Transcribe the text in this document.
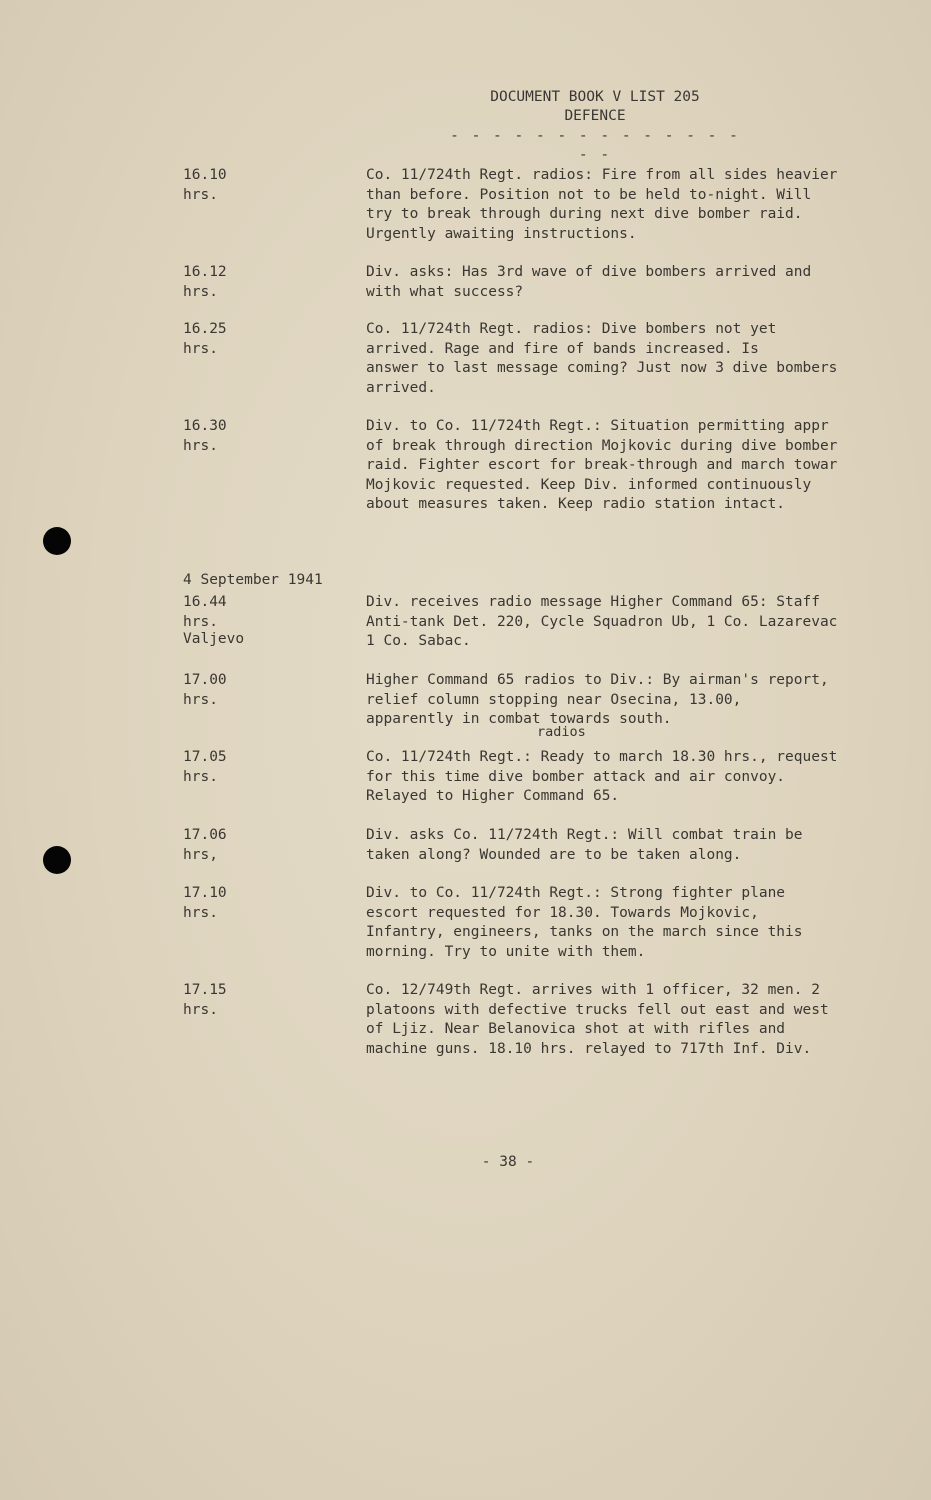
DOCUMENT BOOK V LIST 205
DEFENCE
- - - - - - - - - - - - - - - -
16.10 hrs.
Co. 11/724th Regt. radios: Fire from all sides heavier
than before. Position not to be held to-night. Will
try to break through during next dive bomber raid.
Urgently awaiting instructions.
16.12 hrs.
Div. asks: Has 3rd wave of dive bombers arrived and
with what success?
16.25 hrs.
Co. 11/724th Regt. radios: Dive bombers not yet
arrived. Rage and fire of bands increased. Is
answer to last message coming? Just now 3 dive bombers
arrived.
16.30 hrs.
Div. to Co. 11/724th Regt.: Situation permitting appr
of break through direction Mojkovic during dive bomber
raid. Fighter escort for break-through and march towar
Mojkovic requested. Keep Div. informed continuously
about measures taken. Keep radio station intact.

4 September 1941

Valjevo

16.44 hrs.
Div. receives radio message Higher Command 65: Staff
Anti-tank Det. 220, Cycle Squadron Ub, 1 Co. Lazarevac
1 Co. Sabac.
17.00 hrs.
Higher Command 65 radios to Div.: By airman's report,
relief column stopping near Osecina, 13.00,
apparently in combat towards south.
radios
17.05 hrs.
Co. 11/724th Regt.: Ready to march 18.30 hrs., request
for this time dive bomber attack and air convoy.
Relayed to Higher Command 65.
17.06 hrs,
Div. asks Co. 11/724th Regt.: Will combat train be
taken along? Wounded are to be taken along.
17.10 hrs.
Div. to Co. 11/724th Regt.: Strong fighter plane
escort requested for 18.30. Towards Mojkovic,
Infantry, engineers, tanks on the march since this
morning. Try to unite with them.
17.15 hrs.
Co. 12/749th Regt. arrives with 1 officer, 32 men. 2
platoons with defective trucks fell out east and west
of Ljiz. Near Belanovica shot at with rifles and
machine guns. 18.10 hrs. relayed to 717th Inf. Div.
- 38 -
